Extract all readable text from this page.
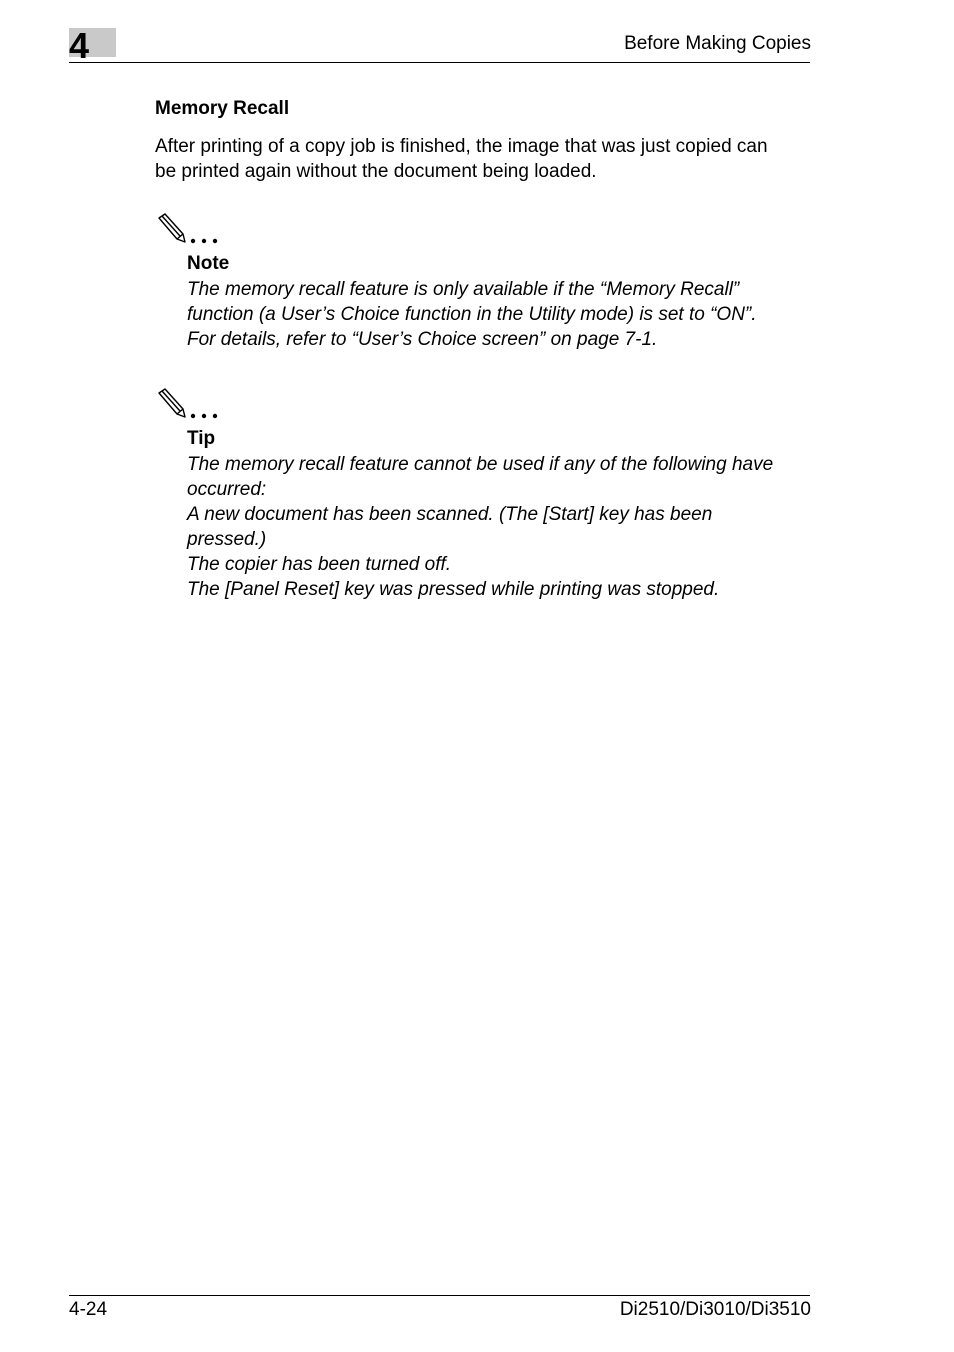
4	Before Making Copies
Memory Recall

After printing of a copy job is finished, the image that was just copied can
be printed again without the document being loaded.

Note

The memory recall feature is only available if the “Memory Recall”
function (a User’s Choice function in the Utility mode) is set to “ON”.
For details, refer to “User’s Choice screen” on page 7-1.

Tip

The memory recall feature cannot be used if any of the following have
occurred:
A new document has been scanned. (The [Start] key has been
pressed.)
The copier has been turned off.
The [Panel Reset] key was pressed while printing was stopped.

4-24	Di2510/Di3010/Di3510
